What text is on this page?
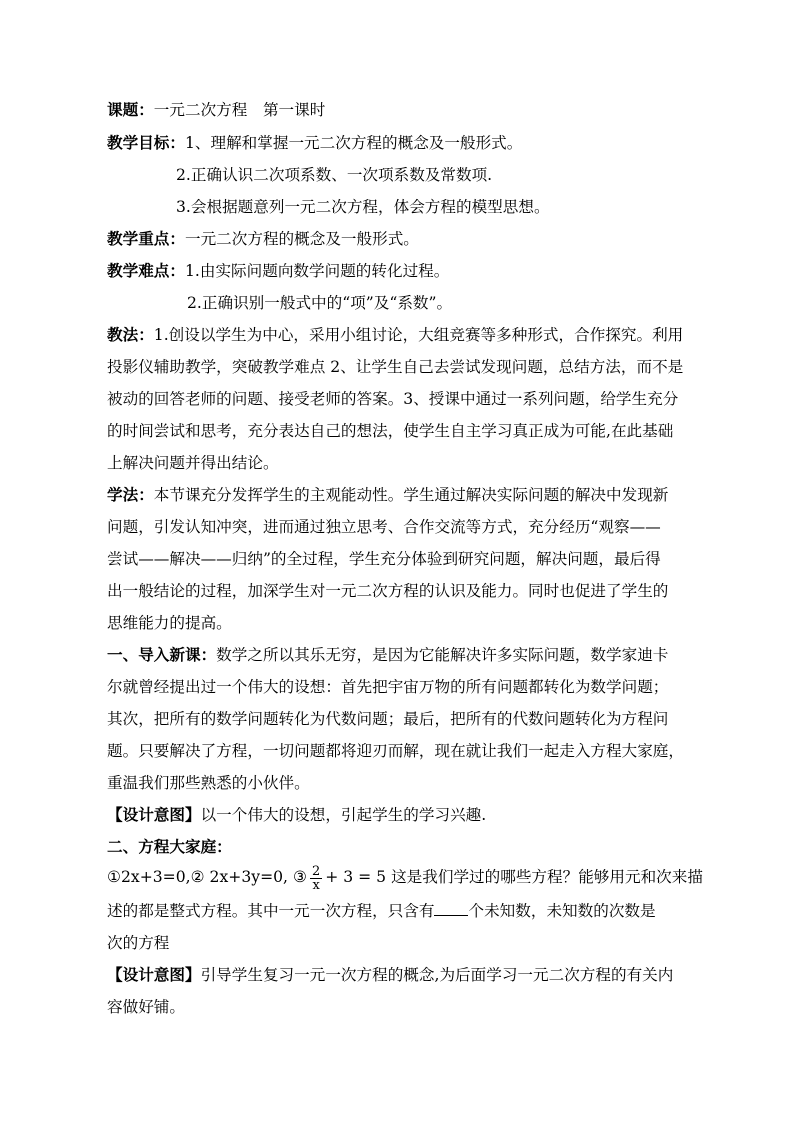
课题：一元二次方程　第一课时
教学目标：1、理解和掌握一元二次方程的概念及一般形式。
2.正确认识二次项系数、一次项系数及常数项.
3.会根据题意列一元二次方程，体会方程的模型思想。
教学重点：一元二次方程的概念及一般形式。
教学难点：1.由实际问题向数学问题的转化过程。
2.正确识别一般式中的“项”及“系数”。
教法：1.创设以学生为中心，采用小组讨论，大组竞赛等多种形式，合作探究。利用
投影仪辅助教学，突破教学难点 2、让学生自己去尝试发现问题，总结方法，而不是
被动的回答老师的问题、接受老师的答案。3、授课中通过一系列问题，给学生充分
的时间尝试和思考，充分表达自己的想法，使学生自主学习真正成为可能,在此基础
上解决问题并得出结论。
学法：本节课充分发挥学生的主观能动性。学生通过解决实际问题的解决中发现新
问题，引发认知冲突，进而通过独立思考、合作交流等方式，充分经历“观察——
尝试——解决——归纳”的全过程，学生充分体验到研究问题，解决问题，最后得
出一般结论的过程，加深学生对一元二次方程的认识及能力。同时也促进了学生的
思维能力的提高。
一、导入新课：数学之所以其乐无穷，是因为它能解决许多实际问题，数学家迪卡
尔就曾经提出过一个伟大的设想：首先把宇宙万物的所有问题都转化为数学问题；
其次，把所有的数学问题转化为代数问题；最后，把所有的代数问题转化为方程问
题。只要解决了方程，一切问题都将迎刃而解，现在就让我们一起走入方程大家庭，
重温我们那些熟悉的小伙伴。
【设计意图】以一个伟大的设想，引起学生的学习兴趣.
二、方程大家庭：
①2x+3=0,② 2x+3y=0, ③ $\frac{2}{x} + 3 = 5$ 这是我们学过的哪些方程？能够用元和次来描
述的都是整式方程。其中一元一次方程，只含有 个未知数，未知数的次数是
次的方程
【设计意图】引导学生复习一元一次方程的概念,为后面学习一元二次方程的有关内
容做好铺。
